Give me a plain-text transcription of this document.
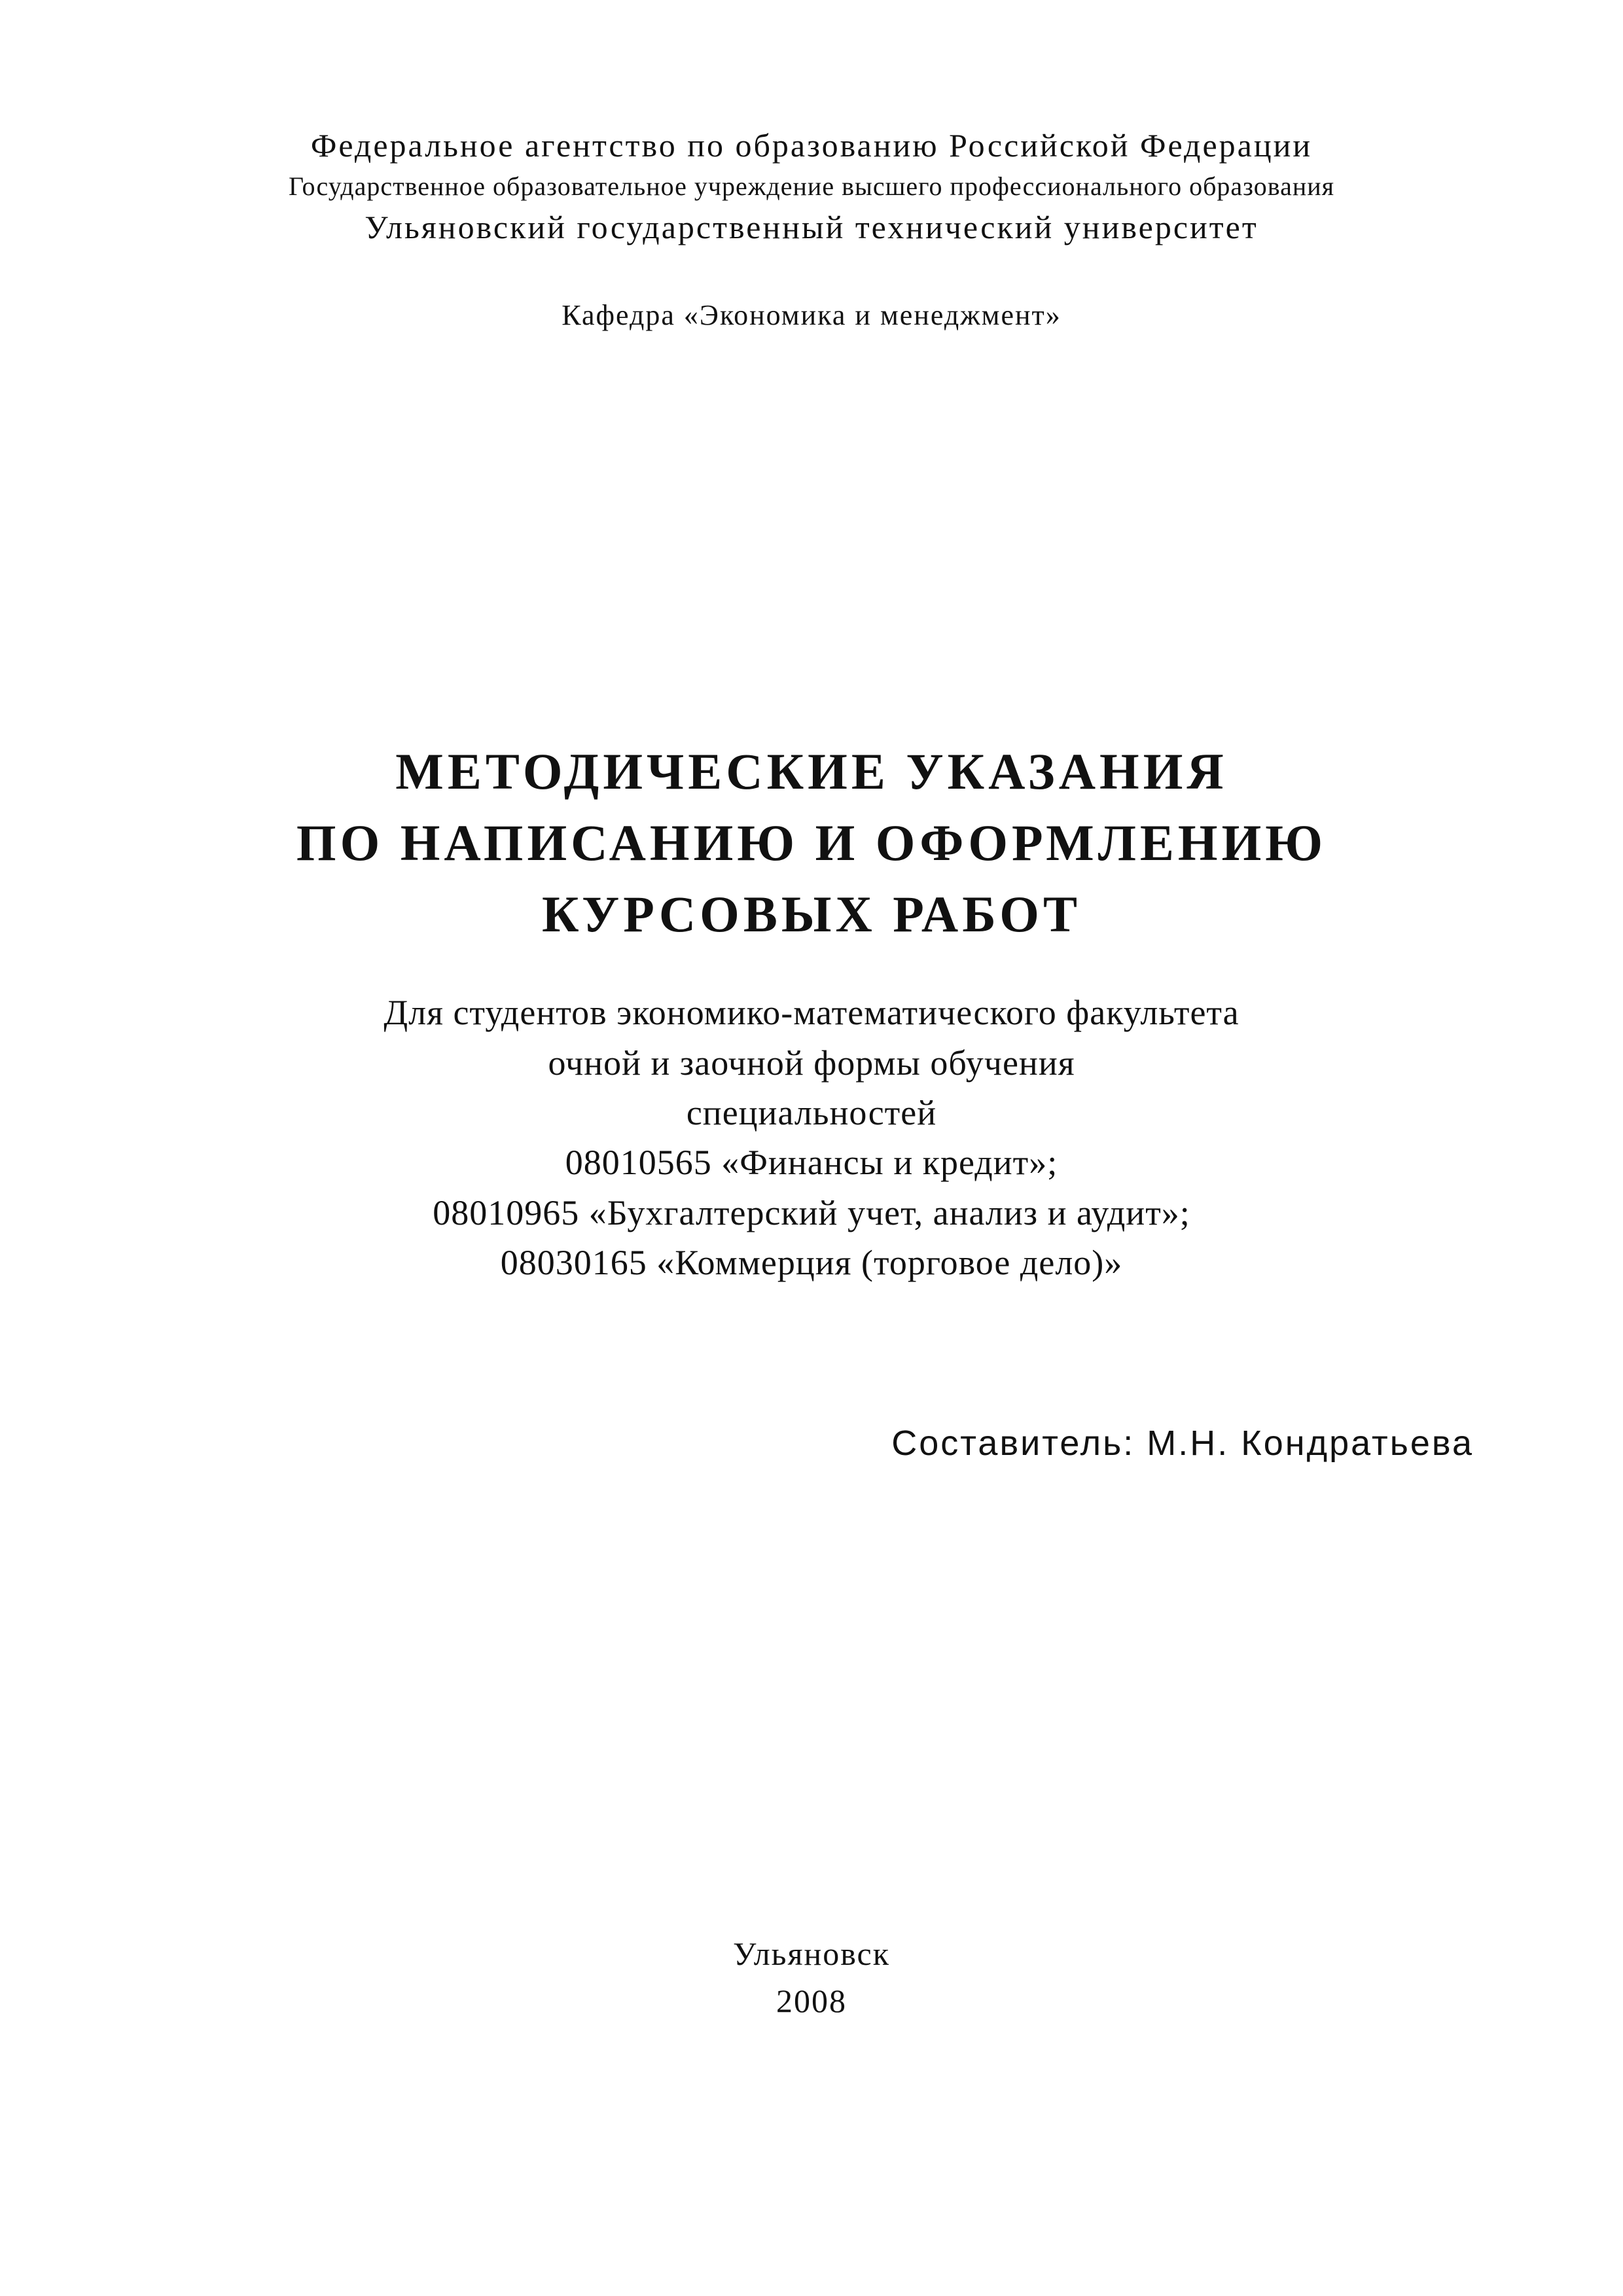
Федеральное агентство по образованию Российской Федерации
Государственное образовательное учреждение высшего профессионального образования
Ульяновский государственный технический университет
Кафедра «Экономика и менеджмент»
МЕТОДИЧЕСКИЕ УКАЗАНИЯ
ПО НАПИСАНИЮ И ОФОРМЛЕНИЮ
КУРСОВЫХ РАБОТ
Для студентов экономико-математического факультета
очной и заочной формы обучения
специальностей
08010565 «Финансы и кредит»;
08010965 «Бухгалтерский учет, анализ и аудит»;
08030165 «Коммерция (торговое дело)»
Составитель: М.Н. Кондратьева
Ульяновск
2008
